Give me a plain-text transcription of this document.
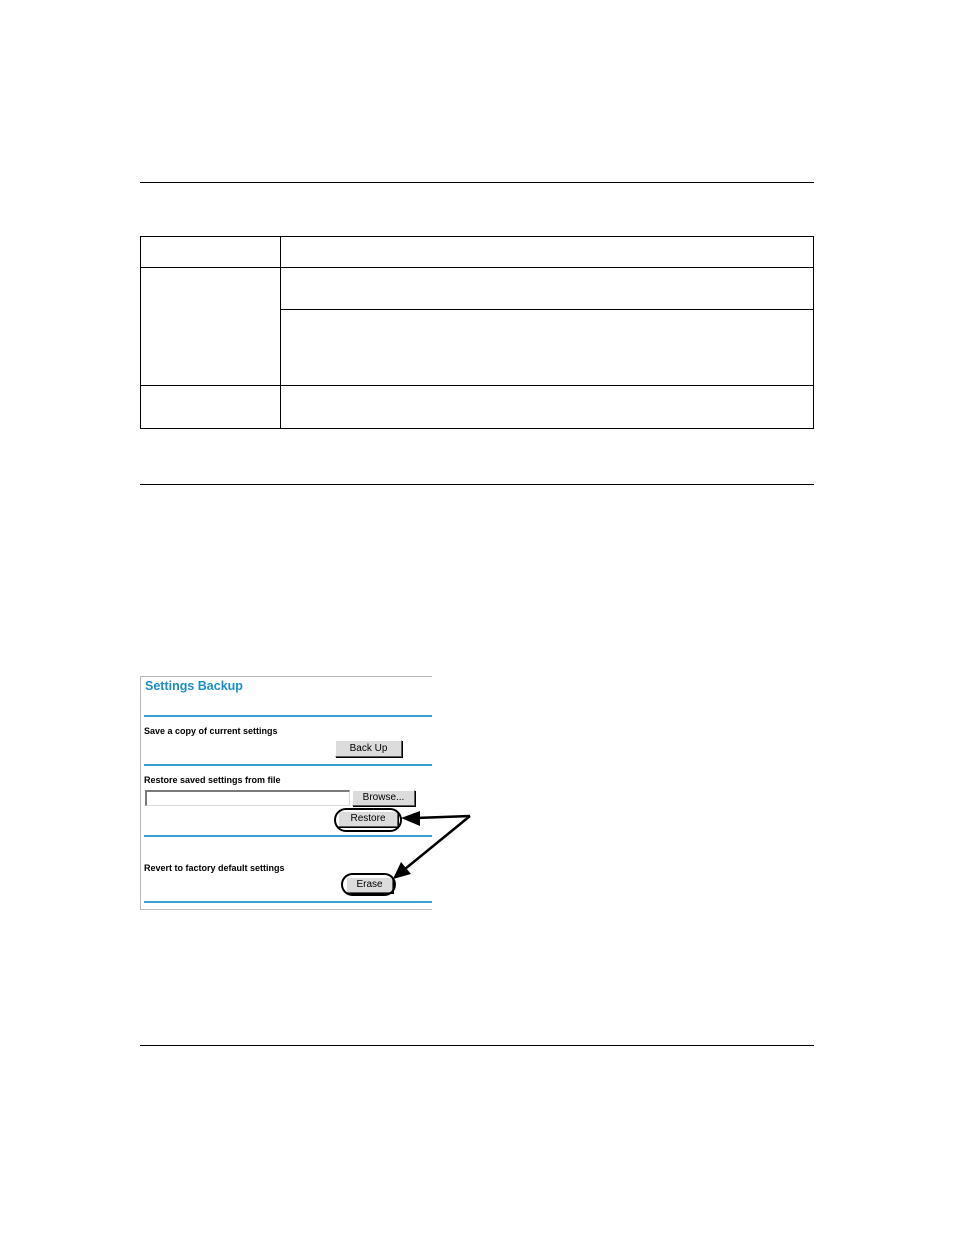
Settings Backup
Save a copy of current settings
Back Up
Restore saved settings from file
Browse...
Restore
Revert to factory default settings
Erase
